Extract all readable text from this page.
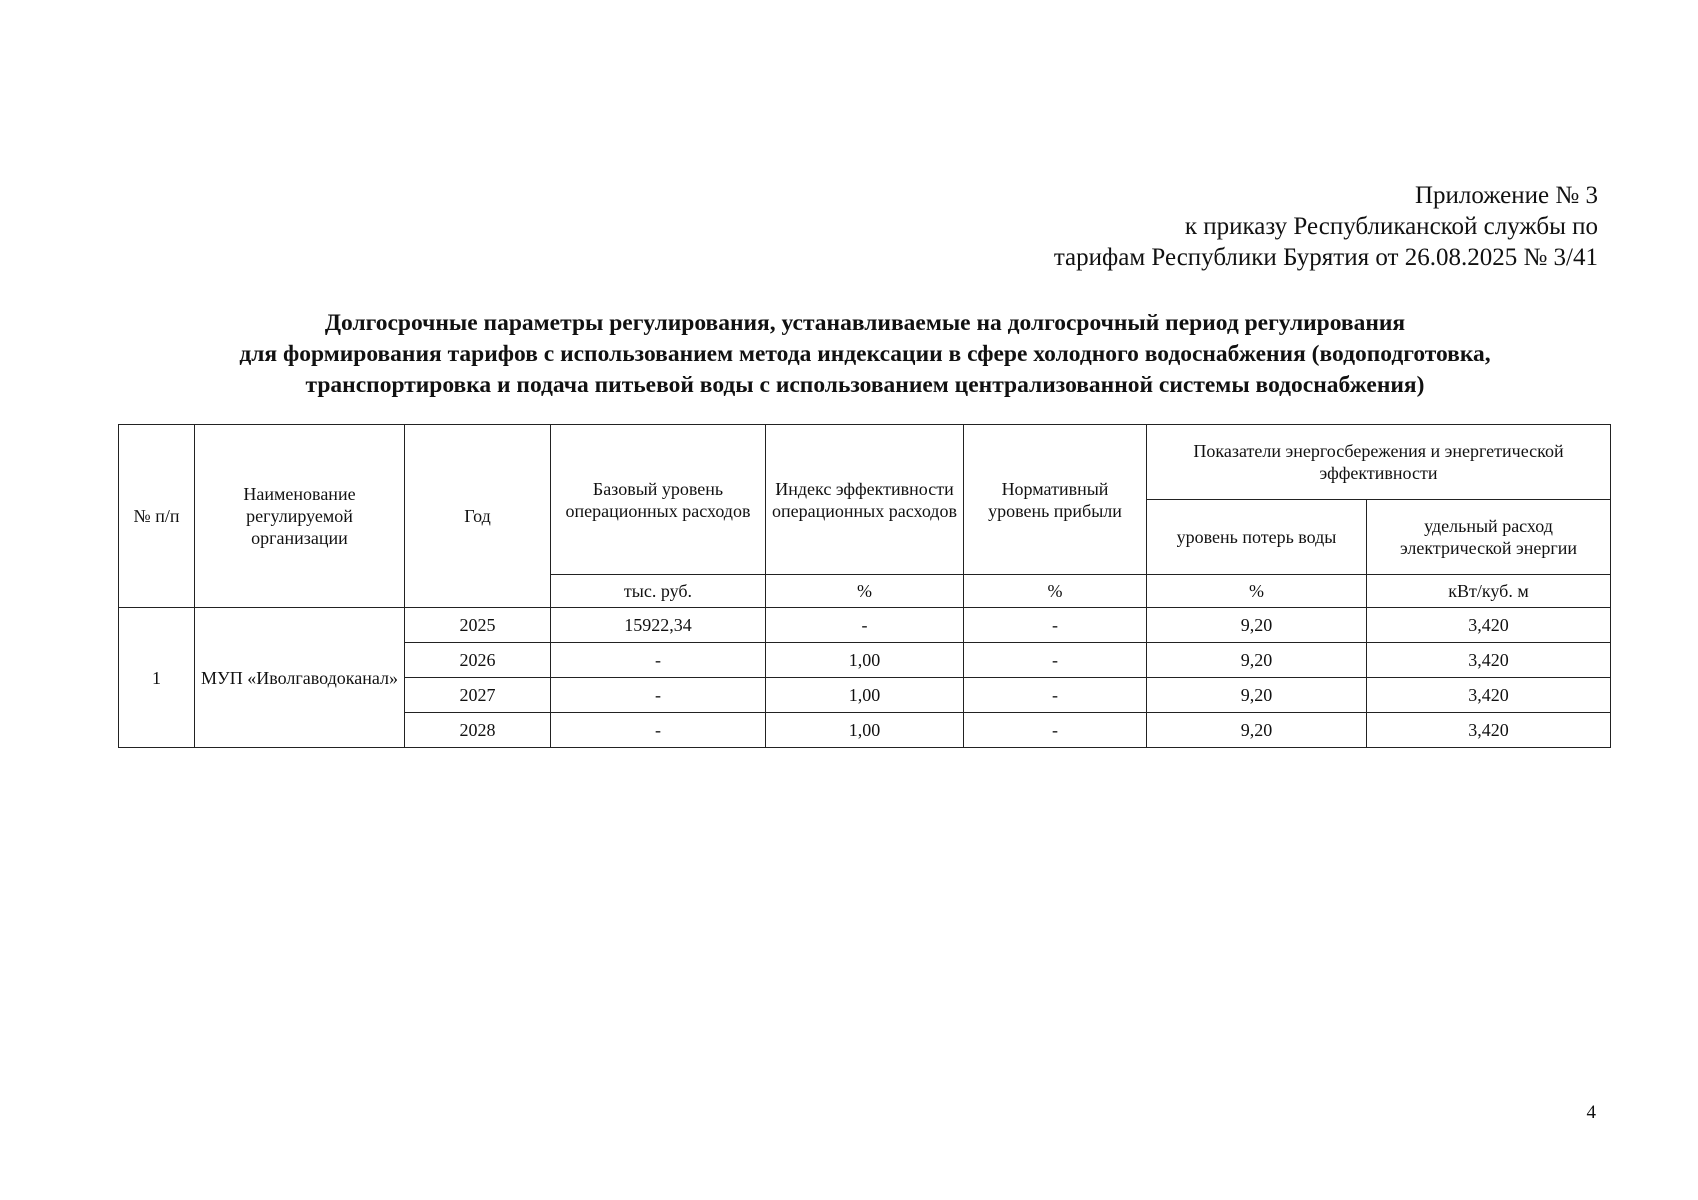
Приложение № 3
к приказу Республиканской службы по
тарифам Республики Бурятия от 26.08.2025 № 3/41
Долгосрочные параметры регулирования, устанавливаемые на долгосрочный период регулирования
для формирования тарифов с использованием метода индексации в сфере холодного водоснабжения (водоподготовка,
транспортировка и подача питьевой воды с использованием централизованной системы водоснабжения)
№ п/п	Наименование регулируемой организации	Год	Базовый уровень операционных расходов	Индекс эффективности операционных расходов	Нормативный уровень прибыли	Показатели энергосбережения и энергетической эффективности	
						уровень потерь воды	удельный расход электрической энергии
			тыс. руб.	%	%	%	кВт/куб. м
1	МУП «Иволгаводоканал»	2025	15922,34	-	-	9,20	3,420
		2026	-	1,00	-	9,20	3,420
		2027	-	1,00	-	9,20	3,420
		2028	-	1,00	-	9,20	3,420
4
